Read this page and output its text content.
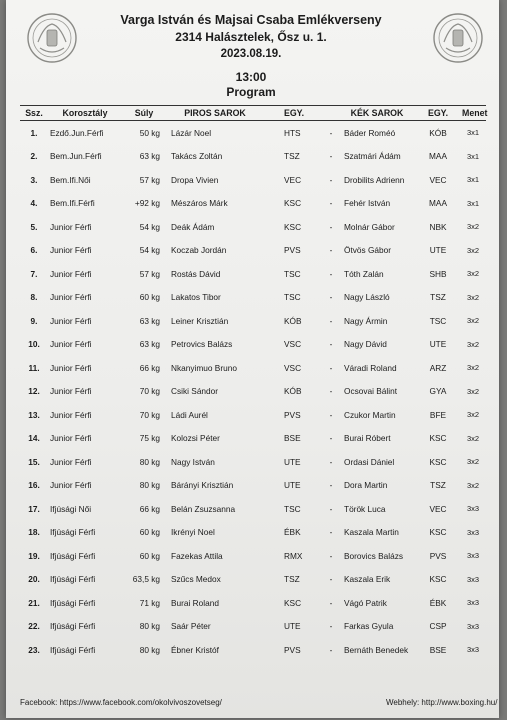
Varga István és Majsai Csaba Emlékverseny
2314 Halásztelek, Ősz u. 1.
2023.08.19.
13:00
Program
Ssz.	Korosztály	Súly	PIROS SAROK	EGY.		KÉK SAROK	EGY.	Menet
1.	Ezdő.Jun.Férfi	50 kg	Lázár Noel	HTS	-	Báder Roméó	KÓB	3x1
2.	Bem.Jun.Férfi	63 kg	Takács Zoltán	TSZ	-	Szatmári Ádám	MAA	3x1
3.	Bem.Ifi.Női	57 kg	Dropa Vivien	VEC	-	Drobilits Adrienn	VEC	3x1
4.	Bem.Ifi.Férfi	+92 kg	Mészáros Márk	KSC	-	Fehér István	MAA	3x1
5.	Junior Férfi	54 kg	Deák Ádám	KSC	-	Molnár Gábor	NBK	3x2
6.	Junior Férfi	54 kg	Koczab Jordán	PVS	-	Ötvös Gábor	UTE	3x2
7.	Junior Férfi	57 kg	Rostás Dávid	TSC	-	Tóth Zalán	SHB	3x2
8.	Junior Férfi	60 kg	Lakatos Tibor	TSC	-	Nagy László	TSZ	3x2
9.	Junior Férfi	63 kg	Leiner Krisztián	KÓB	-	Nagy Ármin	TSC	3x2
10.	Junior Férfi	63 kg	Petrovics Balázs	VSC	-	Nagy Dávid	UTE	3x2
11.	Junior Férfi	66 kg	Nkanyimuo Bruno	VSC	-	Váradi Roland	ARZ	3x2
12.	Junior Férfi	70 kg	Csiki Sándor	KÓB	-	Ocsovai Bálint	GYA	3x2
13.	Junior Férfi	70 kg	Ládi Aurél	PVS	-	Czukor Martin	BFE	3x2
14.	Junior Férfi	75 kg	Kolozsi Péter	BSE	-	Burai Róbert	KSC	3x2
15.	Junior Férfi	80 kg	Nagy István	UTE	-	Ordasi Dániel	KSC	3x2
16.	Junior Férfi	80 kg	Bárányi Krisztián	UTE	-	Dora Martin	TSZ	3x2
17.	Ifjúsági Női	66 kg	Belán Zsuzsanna	TSC	-	Török Luca	VEC	3x3
18.	Ifjúsági Férfi	60 kg	Ikrényi Noel	ÉBK	-	Kaszala Martin	KSC	3x3
19.	Ifjúsági Férfi	60 kg	Fazekas Attila	RMX	-	Borovics Balázs	PVS	3x3
20.	Ifjúsági Férfi	63,5 kg	Szűcs Medox	TSZ	-	Kaszala Erik	KSC	3x3
21.	Ifjúsági Férfi	71 kg	Burai Roland	KSC	-	Vágó Patrik	ÉBK	3x3
22.	Ifjúsági Férfi	80 kg	Saár Péter	UTE	-	Farkas Gyula	CSP	3x3
23.	Ifjúsági Férfi	80 kg	Ébner Kristóf	PVS	-	Bernáth Benedek	BSE	3x3
Facebook: https://www.facebook.com/okolvivoszovetseg/	Webhely: http://www.boxing.hu/
